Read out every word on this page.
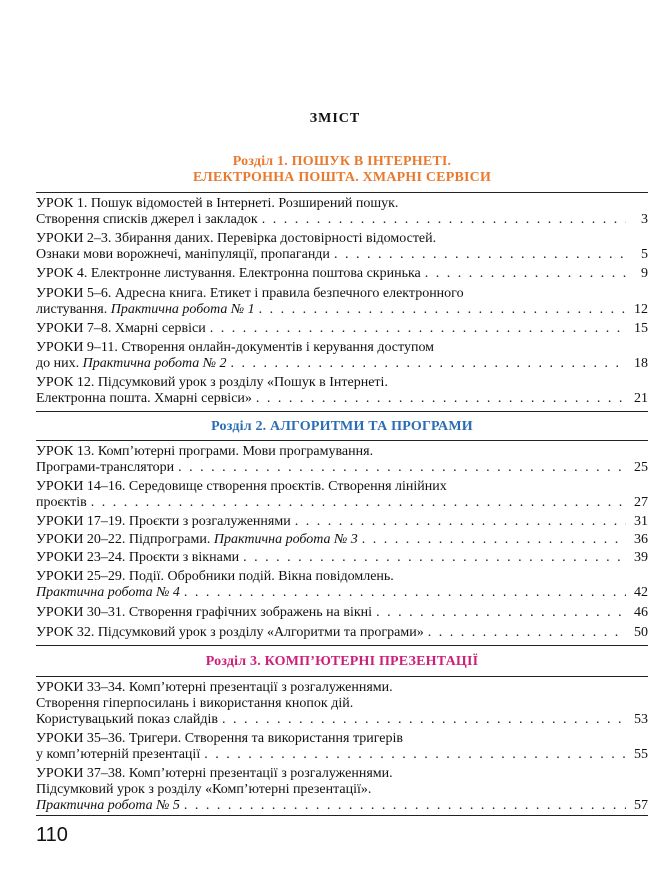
ЗМІСТ
Розділ 1. ПОШУК В ІНТЕРНЕТІ.
ЕЛЕКТРОННА ПОШТА. ХМАРНІ СЕРВІСИ
УРОК 1. Пошук відомостей в Інтернеті. Розширений пошук.
Створення списків джерел і закладок . . .	3
УРОКИ 2–3. Збирання даних. Перевірка достовірності відомостей.
Ознаки мови ворожнечі, маніпуляції, пропаганди . . .	5
УРОК 4. Електронне листування. Електронна поштова скринька . . .	9
УРОКИ 5–6. Адресна книга. Етикет і правила безпечного електронного
листування.
Практична робота № 1 . . .	12
УРОКИ 7–8. Хмарні сервіси . . .	15
УРОКИ 9–11. Створення онлайн-документів і керування доступом
до них.
Практична робота № 2 . . .	18
УРОК 12. Підсумковий урок з розділу «Пошук в Інтернеті.
Електронна пошта. Хмарні сервіси» . . .	21
Розділ 2. АЛГОРИТМИ ТА ПРОГРАМИ
УРОК 13. Комп’ютерні програми. Мови програмування.
Програми-транслятори . . .	25
УРОКИ 14–16. Середовище створення проєктів. Створення лінійних
проєктів . . .	27
УРОКИ 17–19. Проєкти з розгалуженнями . . .	31
УРОКИ 20–22. Підпрограми.
Практична робота № 3 . . .	36
УРОКИ 23–24. Проєкти з вікнами . . .	39
УРОКИ 25–29. Події. Обробники подій. Вікна повідомлень.
Практична робота № 4 . . .	42
УРОКИ 30–31. Створення графічних зображень на вікні . . .	46
УРОК 32. Підсумковий урок з розділу «Алгоритми та програми» . . .	50
Розділ 3. КОМП’ЮТЕРНІ ПРЕЗЕНТАЦІЇ
УРОКИ 33–34. Комп’ютерні презентації з розгалуженнями.
Створення гіперпосилань і використання кнопок дій.
Користувацький показ слайдів . . .	53
УРОКИ 35–36. Тригери. Створення та використання тригерів
у комп’ютерній презентації . . .	55
УРОКИ 37–38. Комп’ютерні презентації з розгалуженнями.
Підсумковий урок з розділу «Комп’ютерні презентації».
Практична робота № 5 . . .	57
110
